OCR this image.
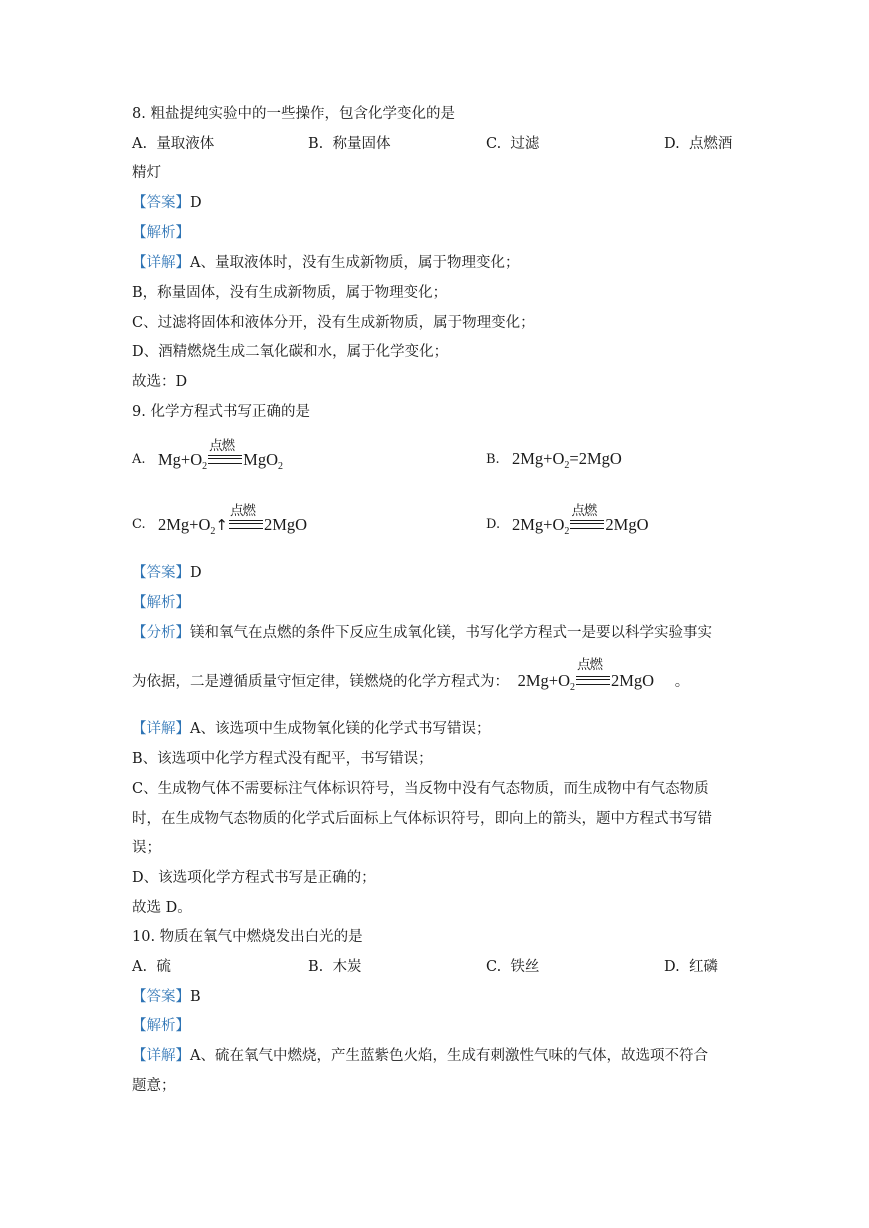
8. 粗盐提纯实验中的一些操作，包含化学变化的是
A. 量取液体	B. 称量固体	C. 过滤	D. 点燃酒
精灯
【答案】D
【解析】
【详解】A、量取液体时，没有生成新物质，属于物理变化；
B，称量固体，没有生成新物质，属于物理变化；
C、过滤将固体和液体分开，没有生成新物质，属于物理变化；
D、酒精燃烧生成二氧化碳和水，属于化学变化；
故选：D
9. 化学方程式书写正确的是
A. $Mg+O_2$
点燃
MgO$_2$	B. $2Mg+O_2=2MgO$
C. $2Mg+O_2↑$
点燃
2MgO	D. $2Mg+O_2$
点燃
2MgO
【答案】D
【解析】
【分析】镁和氧气在点燃的条件下反应生成氧化镁，书写化学方程式一是要以科学实验事实
为依据，二是遵循质量守恒定律，镁燃烧的化学方程式为： $2Mg+O_2$
点燃
2MgO 。
【详解】A、该选项中生成物氧化镁的化学式书写错误；
B、该选项中化学方程式没有配平，书写错误；
C、生成物气体不需要标注气体标识符号，当反物中没有气态物质，而生成物中有气态物质
时，在生成物气态物质的化学式后面标上气体标识符号，即向上的箭头，题中方程式书写错
误；
D、该选项化学方程式书写是正确的；
故选 D。
10. 物质在氧气中燃烧发出白光的是
A. 硫	B. 木炭	C. 铁丝	D. 红磷
【答案】B
【解析】
【详解】A、硫在氧气中燃烧，产生蓝紫色火焰，生成有刺激性气味的气体，故选项不符合
题意；
